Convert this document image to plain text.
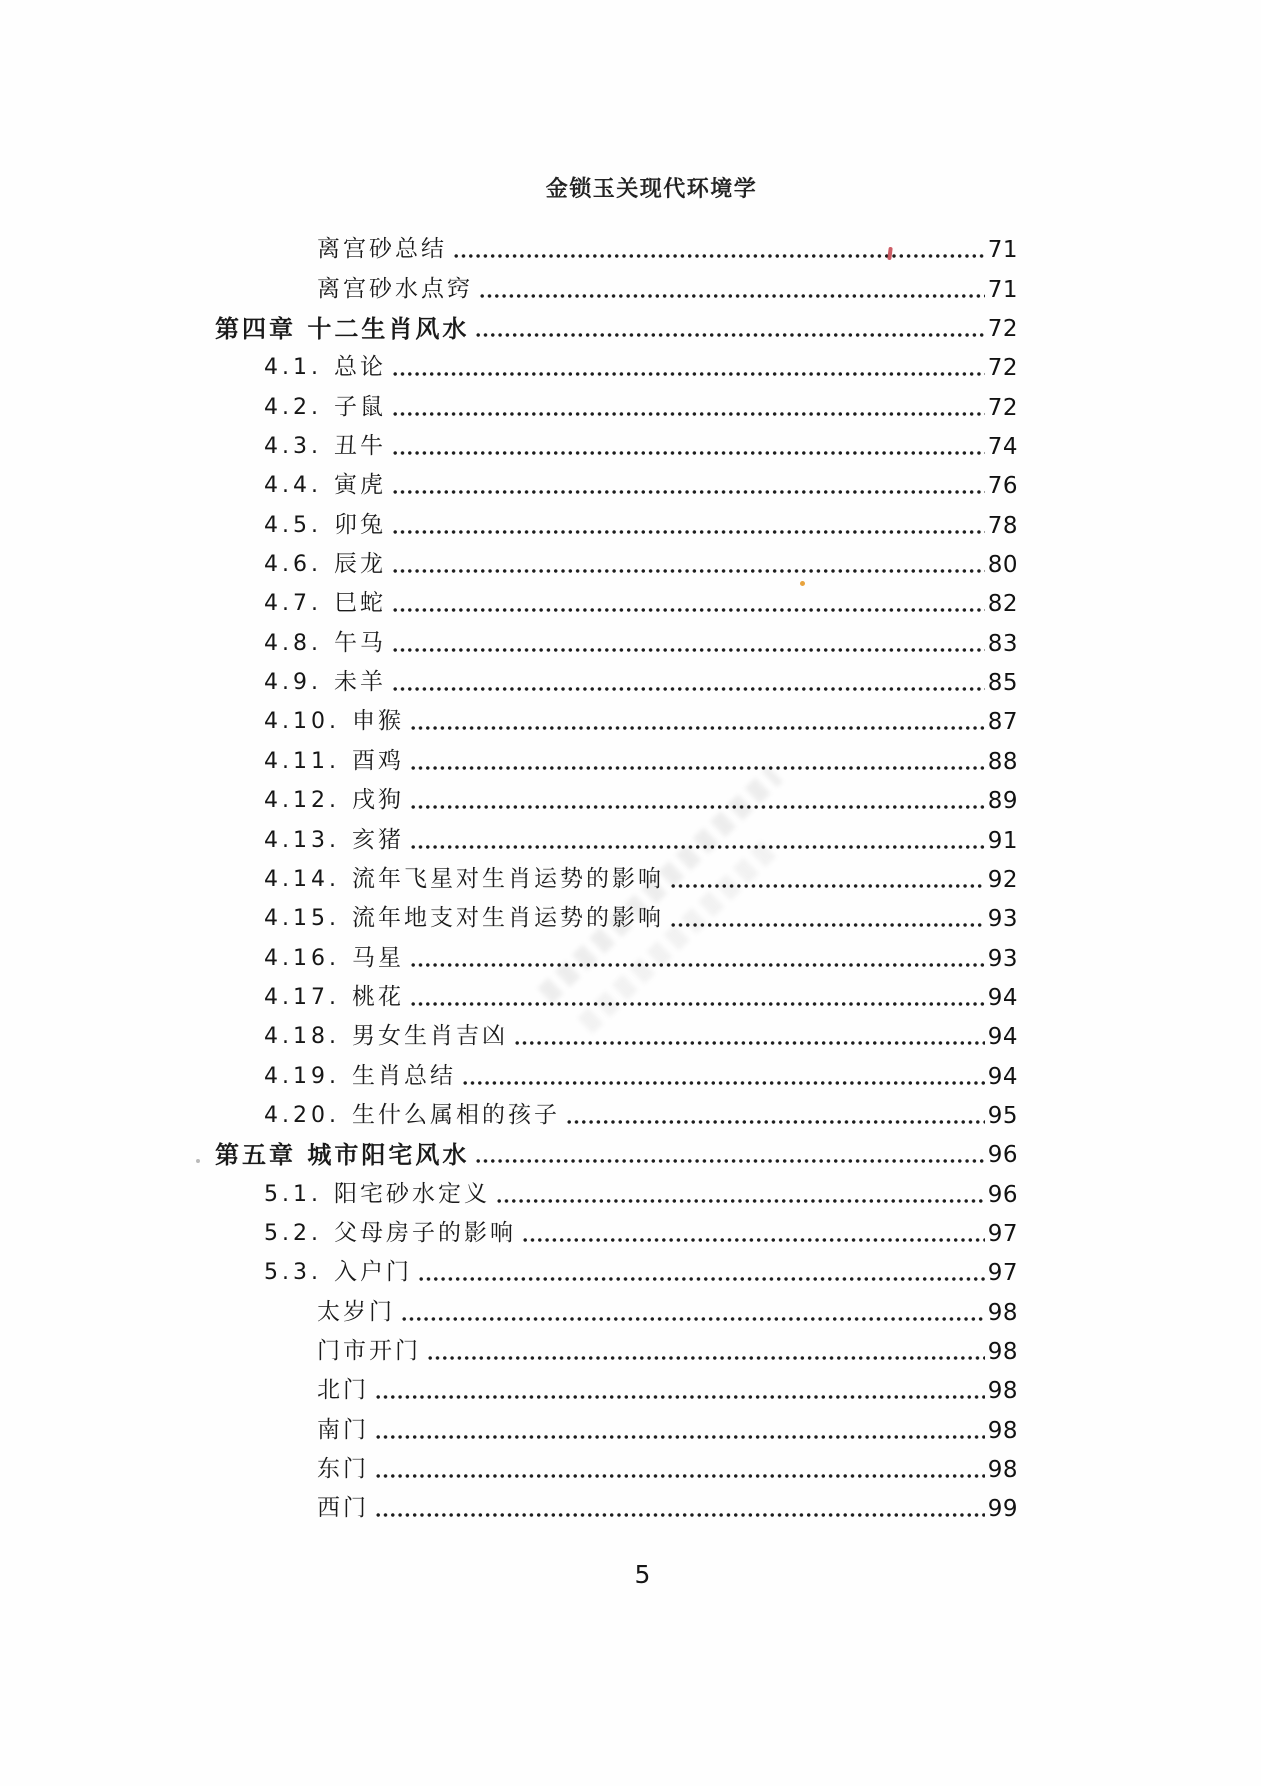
金锁玉关现代环境学
离宫砂总结	71
离宫砂水点窍	71
第四章 十二生肖风水	72
4.1. 总论	72
4.2. 子鼠	72
4.3. 丑牛	74
4.4. 寅虎	76
4.5. 卯兔	78
4.6. 辰龙	80
4.7. 巳蛇	82
4.8. 午马	83
4.9. 未羊	85
4.10. 申猴	87
4.11. 酉鸡	88
4.12. 戌狗	89
4.13. 亥猪	91
4.14. 流年飞星对生肖运势的影响	92
4.15. 流年地支对生肖运势的影响	93
4.16. 马星	93
4.17. 桃花	94
4.18. 男女生肖吉凶	94
4.19. 生肖总结	94
4.20. 生什么属相的孩子	95
第五章 城市阳宅风水	96
5.1. 阳宅砂水定义	96
5.2. 父母房子的影响	97
5.3. 入户门	97
太岁门	98
门市开门	98
北门	98
南门	98
东门	98
西门	99
5
